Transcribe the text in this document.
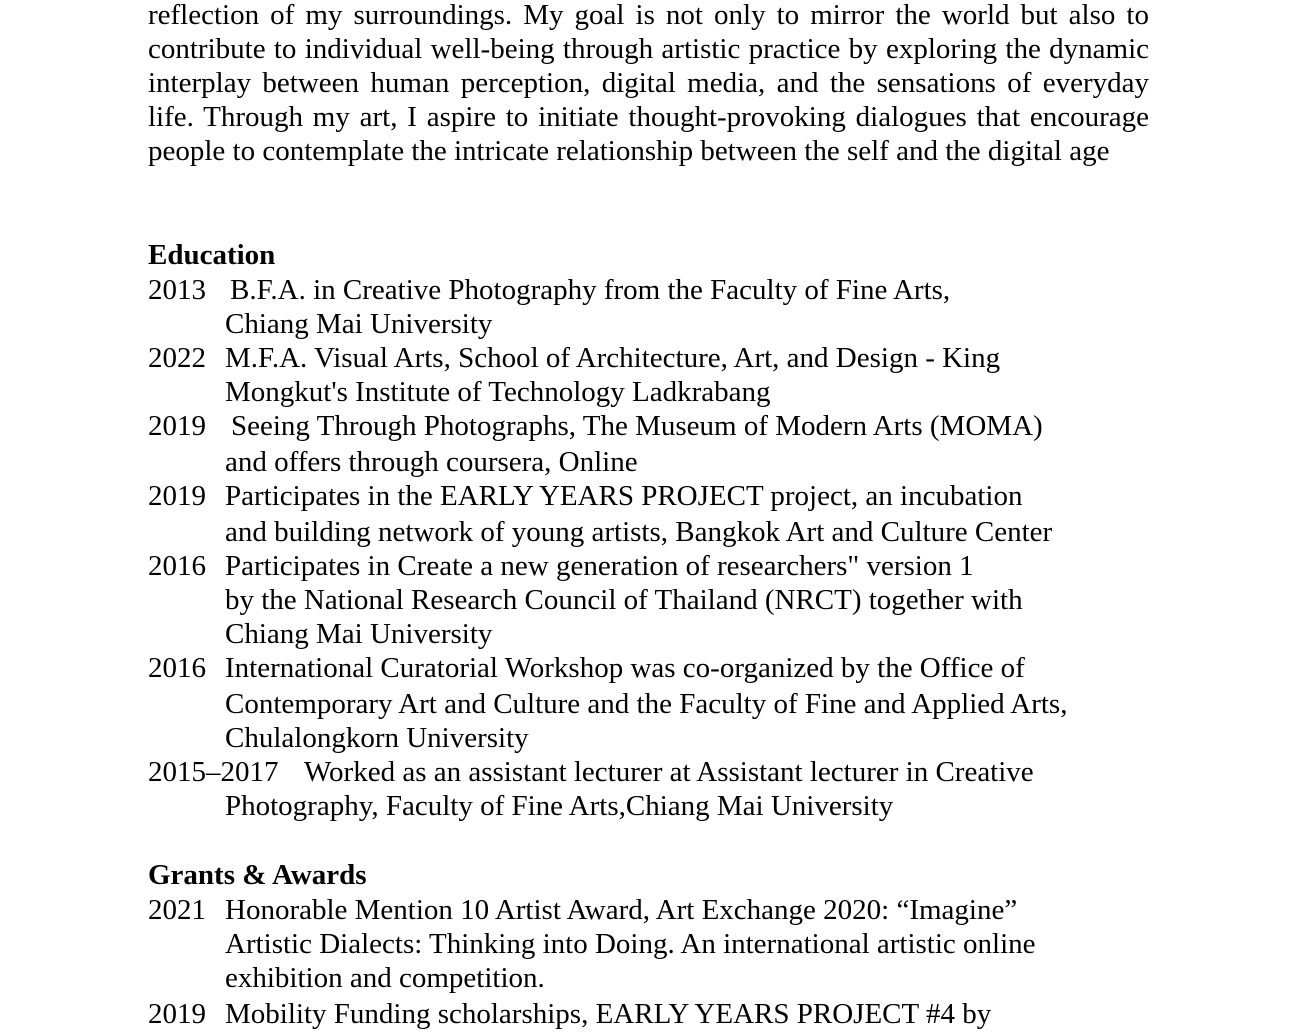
reflection of my surroundings. My goal is not only to mirror the world but also to contribute to individual well-being through artistic practice by exploring the dynamic interplay between human perception, digital media, and the sensations of everyday life. Through my art, I aspire to initiate thought-provoking dialogues that encourage people to contemplate the intricate relationship between the self and the digital age

Education
2013 B.F.A. in Creative Photography from the Faculty of Fine Arts,
Chiang Mai University
2022 M.F.A. Visual Arts, School of Architecture, Art, and Design - King
Mongkut's Institute of Technology Ladkrabang
2019 Seeing Through Photographs, The Museum of Modern Arts (MOMA)
and offers through coursera, Online
2019 Participates in the EARLY YEARS PROJECT project, an incubation
and building network of young artists, Bangkok Art and Culture Center
2016 Participates in Create a new generation of researchers" version 1
by the National Research Council of Thailand (NRCT) together with
Chiang Mai University
2016 International Curatorial Workshop was co-organized by the Office of
Contemporary Art and Culture and the Faculty of Fine and Applied Arts,
Chulalongkorn University
2015–2017 Worked as an assistant lecturer at Assistant lecturer in Creative
Photography, Faculty of Fine Arts,Chiang Mai University
Grants & Awards
2021 Honorable Mention 10 Artist Award, Art Exchange 2020: “Imagine”
Artistic Dialects: Thinking into Doing. An international artistic online
exhibition and competition.
2019 Mobility Funding scholarships, EARLY YEARS PROJECT #4 by
